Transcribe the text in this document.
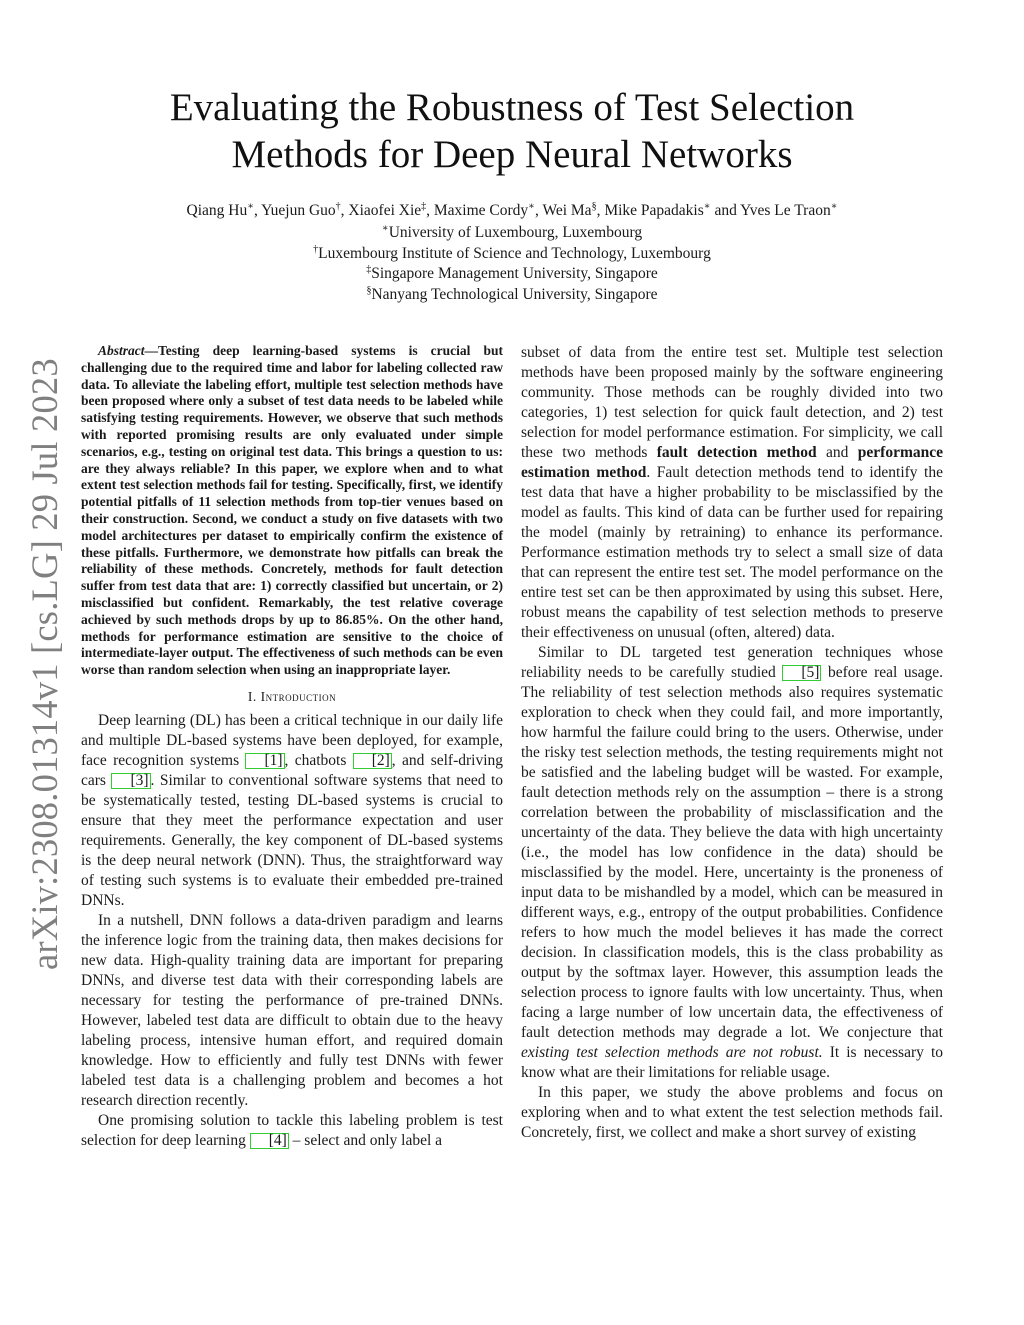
arXiv:2308.01314v1 [cs.LG] 29 Jul 2023
Evaluating the Robustness of Test Selection
Methods for Deep Neural Networks
Qiang Hu∗, Yuejun Guo†, Xiaofei Xie‡, Maxime Cordy∗, Wei Ma§, Mike Papadakis∗ and Yves Le Traon∗
∗University of Luxembourg, Luxembourg
†Luxembourg Institute of Science and Technology, Luxembourg
‡Singapore Management University, Singapore
§Nanyang Technological University, Singapore

Abstract—Testing deep learning-based systems is crucial but challenging due to the required time and labor for labeling collected raw data. To alleviate the labeling effort, multiple test selection methods have been proposed where only a subset of test data needs to be labeled while satisfying testing requirements. However, we observe that such methods with reported promising results are only evaluated under simple scenarios, e.g., testing on original test data. This brings a question to us: are they always reliable? In this paper, we explore when and to what extent test selection methods fail for testing. Specifically, first, we identify potential pitfalls of 11 selection methods from top-tier venues based on their construction. Second, we conduct a study on five datasets with two model architectures per dataset to empirically confirm the existence of these pitfalls. Furthermore, we demonstrate how pitfalls can break the reliability of these methods. Concretely, methods for fault detection suffer from test data that are: 1) correctly classified but uncertain, or 2) misclassified but confident. Remarkably, the test relative coverage achieved by such methods drops by up to 86.85%. On the other hand, methods for performance estimation are sensitive to the choice of intermediate-layer output. The effectiveness of such methods can be even worse than random selection when using an inappropriate layer.

I. Introduction

Deep learning (DL) has been a critical technique in our daily life and multiple DL-based systems have been deployed, for example, face recognition systems [1] , chatbots [2] , and self-driving cars [3] . Similar to conventional software systems that need to be systematically tested, testing DL-based systems is crucial to ensure that they meet the performance expectation and user requirements. Generally, the key component of DL-based systems is the deep neural network (DNN). Thus, the straightforward way of testing such systems is to evaluate their embedded pre-trained DNNs.

In a nutshell, DNN follows a data-driven paradigm and learns the inference logic from the training data, then makes decisions for new data. High-quality training data are important for preparing DNNs, and diverse test data with their corresponding labels are necessary for testing the performance of pre-trained DNNs. However, labeled test data are difficult to obtain due to the heavy labeling process, intensive human effort, and required domain knowledge. How to efficiently and fully test DNNs with fewer labeled test data is a challenging problem and becomes a hot research direction recently.

One promising solution to tackle this labeling problem is test selection for deep learning [4] – select and only label a

subset of data from the entire test set. Multiple test selection methods have been proposed mainly by the software engineering community. Those methods can be roughly divided into two categories, 1) test selection for quick fault detection, and 2) test selection for model performance estimation. For simplicity, we call these two methods fault detection method and performance estimation method. Fault detection methods tend to identify the test data that have a higher probability to be misclassified by the model as faults. This kind of data can be further used for repairing the model (mainly by retraining) to enhance its performance. Performance estimation methods try to select a small size of data that can represent the entire test set. The model performance on the entire test set can be then approximated by using this subset. Here, robust means the capability of test selection methods to preserve their effectiveness on unusual (often, altered) data.

Similar to DL targeted test generation techniques whose reliability needs to be carefully studied [5] before real usage. The reliability of test selection methods also requires systematic exploration to check when they could fail, and more importantly, how harmful the failure could bring to the users. Otherwise, under the risky test selection methods, the testing requirements might not be satisfied and the labeling budget will be wasted. For example, fault detection methods rely on the assumption – there is a strong correlation between the probability of misclassification and the uncertainty of the data. They believe the data with high uncertainty (i.e., the model has low confidence in the data) should be misclassified by the model. Here, uncertainty is the proneness of input data to be mishandled by a model, which can be measured in different ways, e.g., entropy of the output probabilities. Confidence refers to how much the model believes it has made the correct decision. In classification models, this is the class probability as output by the softmax layer. However, this assumption leads the selection process to ignore faults with low uncertainty. Thus, when facing a large number of low uncertain data, the effectiveness of fault detection methods may degrade a lot. We conjecture that existing test selection methods are not robust. It is necessary to know what are their limitations for reliable usage.

In this paper, we study the above problems and focus on exploring when and to what extent the test selection methods fail. Concretely, first, we collect and make a short survey of existing
